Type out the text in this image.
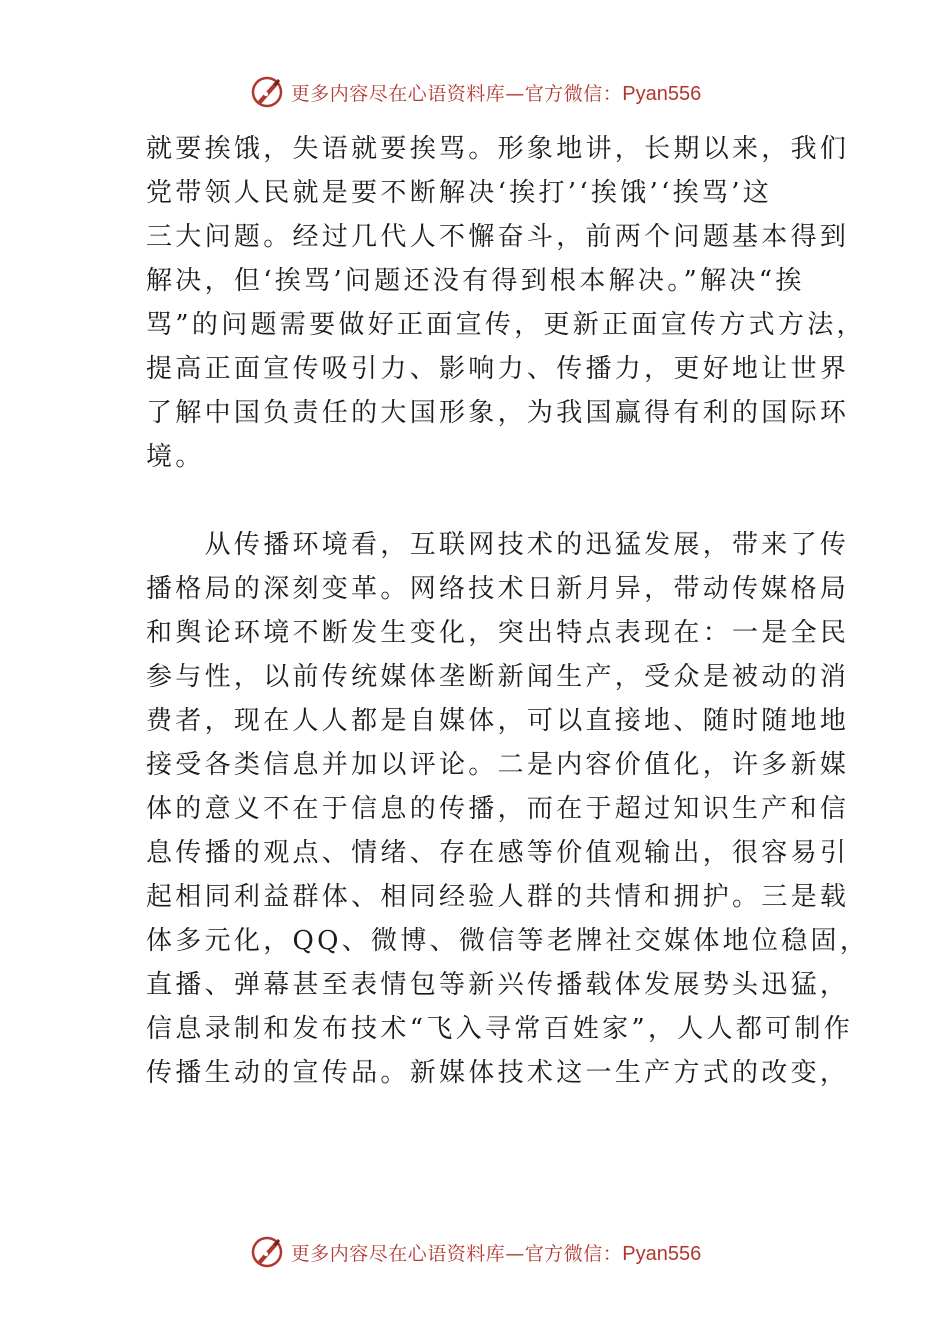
更多内容尽在心语资料库—官方微信：Pyan556
就要挨饿，失语就要挨骂。形象地讲，长期以来，我们
党带领人民就是要不断解决‘挨打’‘挨饿’‘挨骂’这
三大问题。经过几代人不懈奋斗，前两个问题基本得到
解决，但‘挨骂’问题还没有得到根本解决。”解决“挨
骂”的问题需要做好正面宣传，更新正面宣传方式方法，
提高正面宣传吸引力、影响力、传播力，更好地让世界
了解中国负责任的大国形象，为我国赢得有利的国际环
境。
　　从传播环境看，互联网技术的迅猛发展，带来了传
播格局的深刻变革。网络技术日新月异，带动传媒格局
和舆论环境不断发生变化，突出特点表现在：一是全民
参与性，以前传统媒体垄断新闻生产，受众是被动的消
费者，现在人人都是自媒体，可以直接地、随时随地地
接受各类信息并加以评论。二是内容价值化，许多新媒
体的意义不在于信息的传播，而在于超过知识生产和信
息传播的观点、情绪、存在感等价值观输出，很容易引
起相同利益群体、相同经验人群的共情和拥护。三是载
体多元化，QQ、微博、微信等老牌社交媒体地位稳固，
直播、弹幕甚至表情包等新兴传播载体发展势头迅猛，
信息录制和发布技术“飞入寻常百姓家”，人人都可制作
传播生动的宣传品。新媒体技术这一生产方式的改变，
更多内容尽在心语资料库—官方微信：Pyan556
